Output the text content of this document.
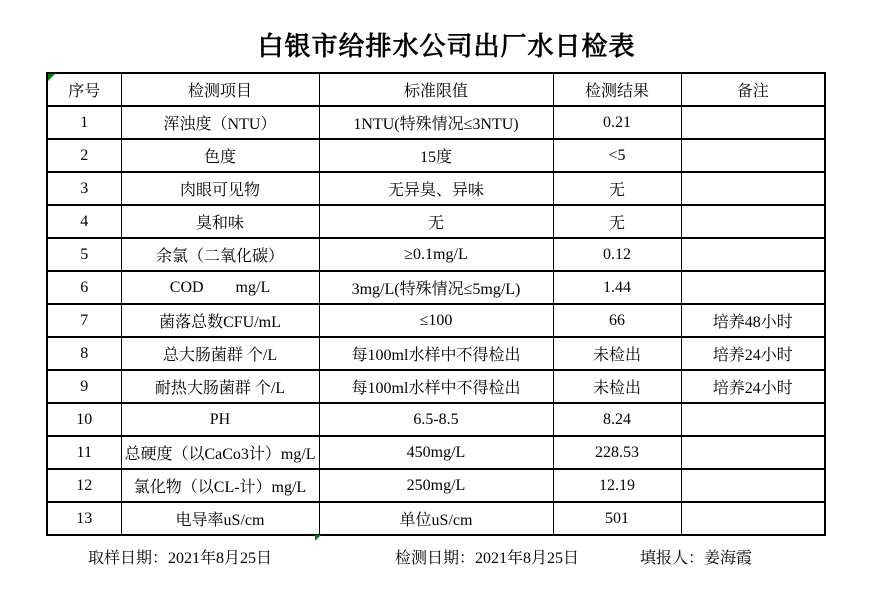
白银市给排水公司出厂水日检表
序号	检测项目	标准限值	检测结果	备注
1	浑浊度（NTU）	1NTU(特殊情况≤3NTU)	0.21	
2	色度	15度	<5	
3	肉眼可见物	无异臭、异味	无	
4	臭和味	无	无	
5	余氯（二氧化碳）	≥0.1mg/L	0.12	
6	COD        mg/L	3mg/L(特殊情况≤5mg/L)	1.44	
7	菌落总数CFU/mL	≤100	66	培养48小时
8	总大肠菌群 个/L	每100ml水样中不得检出	未检出	培养24小时
9	耐热大肠菌群 个/L	每100ml水样中不得检出	未检出	培养24小时
10	PH	6.5-8.5	8.24	
11	总硬度（以CaCo3计）mg/L	450mg/L	228.53	
12	氯化物（以CL-计）mg/L	250mg/L	12.19	
13	电导率uS/cm	单位uS/cm	501	
取样日期：2021年8月25日	检测日期：2021年8月25日	填报人：姜海霞
